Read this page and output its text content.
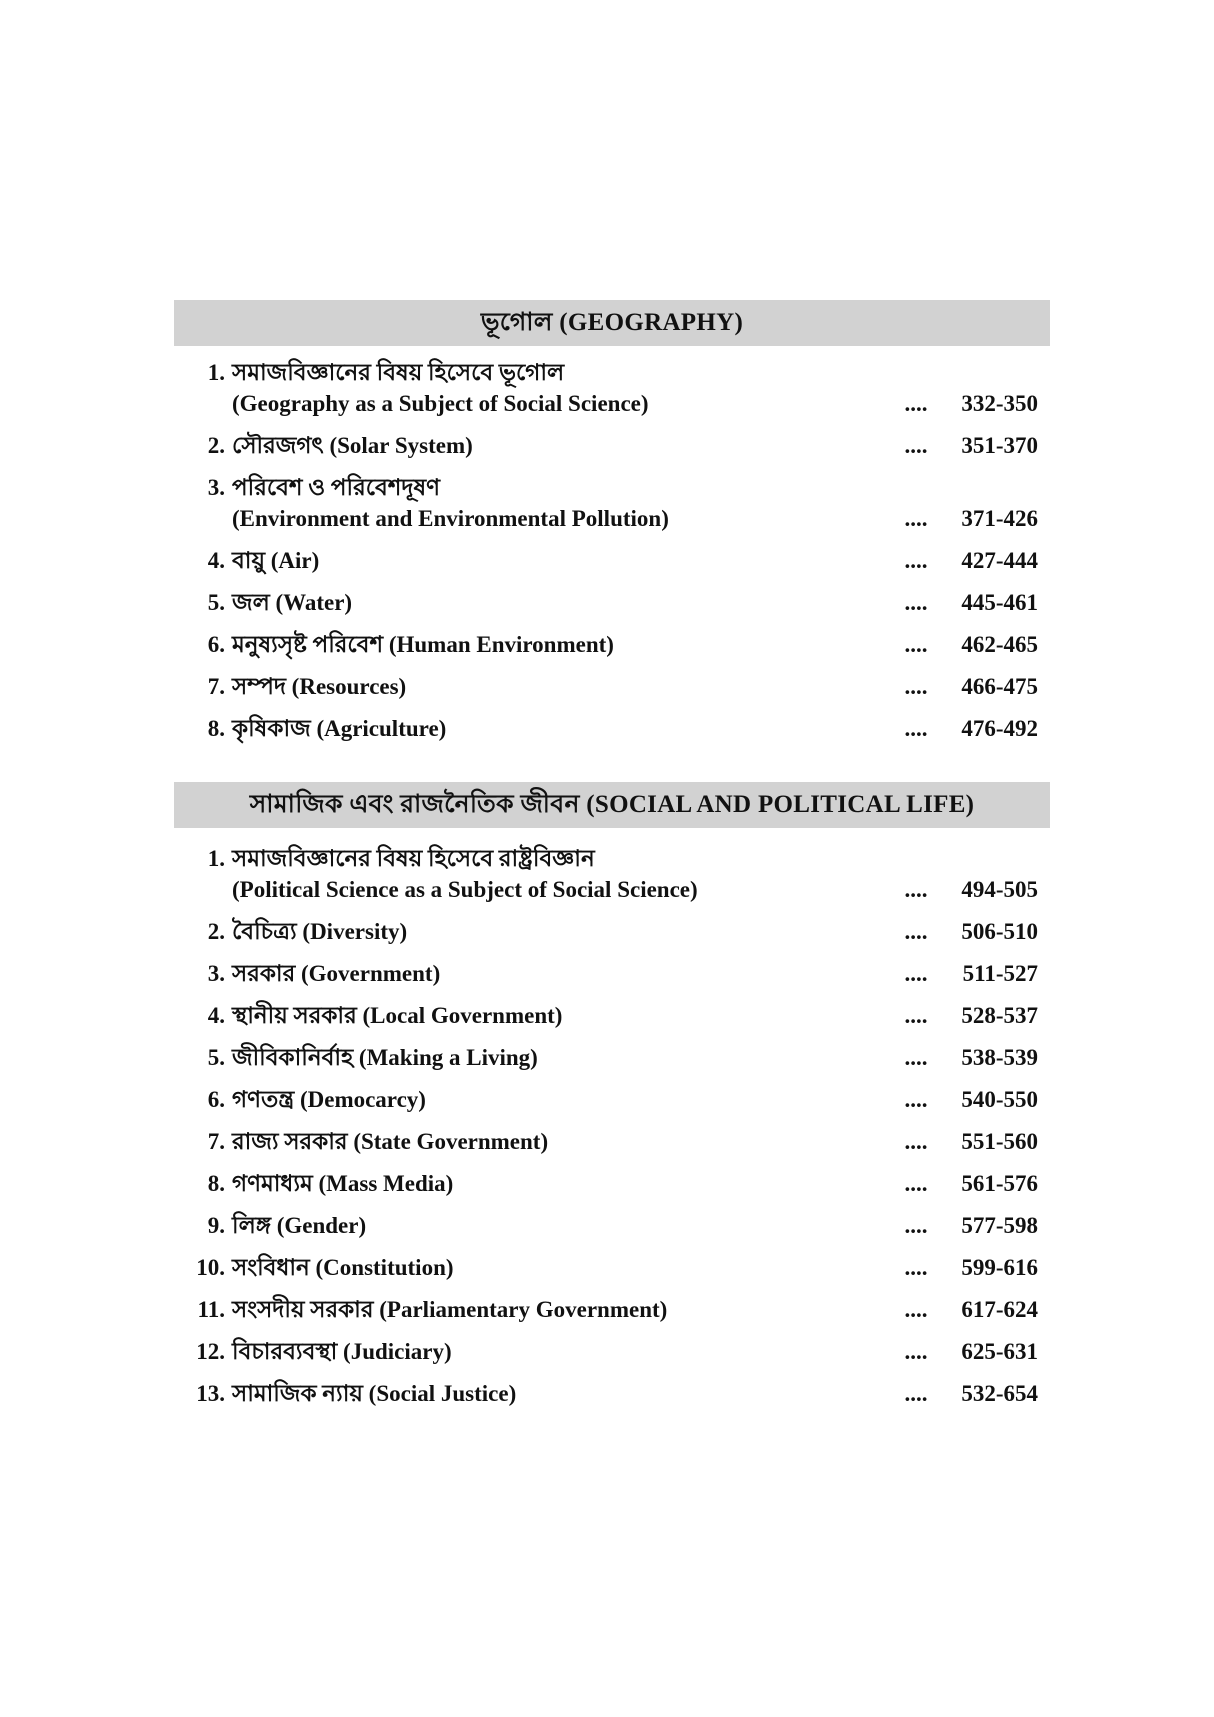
ভূগোল (GEOGRAPHY)
1. সমাজবিজ্ঞানের বিষয় হিসেবে ভূগোল
(Geography as a Subject of Social Science)	....	332-350
2. সৌরজগৎ (Solar System)	....	351-370
3. পরিবেশ ও পরিবেশদূষণ
(Environment and Environmental Pollution)	....	371-426
4. বায়ু (Air)	....	427-444
5. জল (Water)	....	445-461
6. মনুষ্যসৃষ্ট পরিবেশ (Human Environment)	....	462-465
7. সম্পদ (Resources)	....	466-475
8. কৃষিকাজ (Agriculture)	....	476-492
সামাজিক এবং রাজনৈতিক জীবন (SOCIAL AND POLITICAL LIFE)
1. সমাজবিজ্ঞানের বিষয় হিসেবে রাষ্ট্রবিজ্ঞান
(Political Science as a Subject of Social Science)	....	494-505
2. বৈচিত্র্য (Diversity)	....	506-510
3. সরকার (Government)	....	511-527
4. স্থানীয় সরকার (Local Government)	....	528-537
5. জীবিকানির্বাহ (Making a Living)	....	538-539
6. গণতন্ত্র (Democarcy)	....	540-550
7. রাজ্য সরকার (State Government)	....	551-560
8. গণমাধ্যম (Mass Media)	....	561-576
9. লিঙ্গ (Gender)	....	577-598
10. সংবিধান (Constitution)	....	599-616
11. সংসদীয় সরকার (Parliamentary Government)	....	617-624
12. বিচারব্যবস্থা (Judiciary)	....	625-631
13. সামাজিক ন্যায় (Social Justice)	....	532-654
